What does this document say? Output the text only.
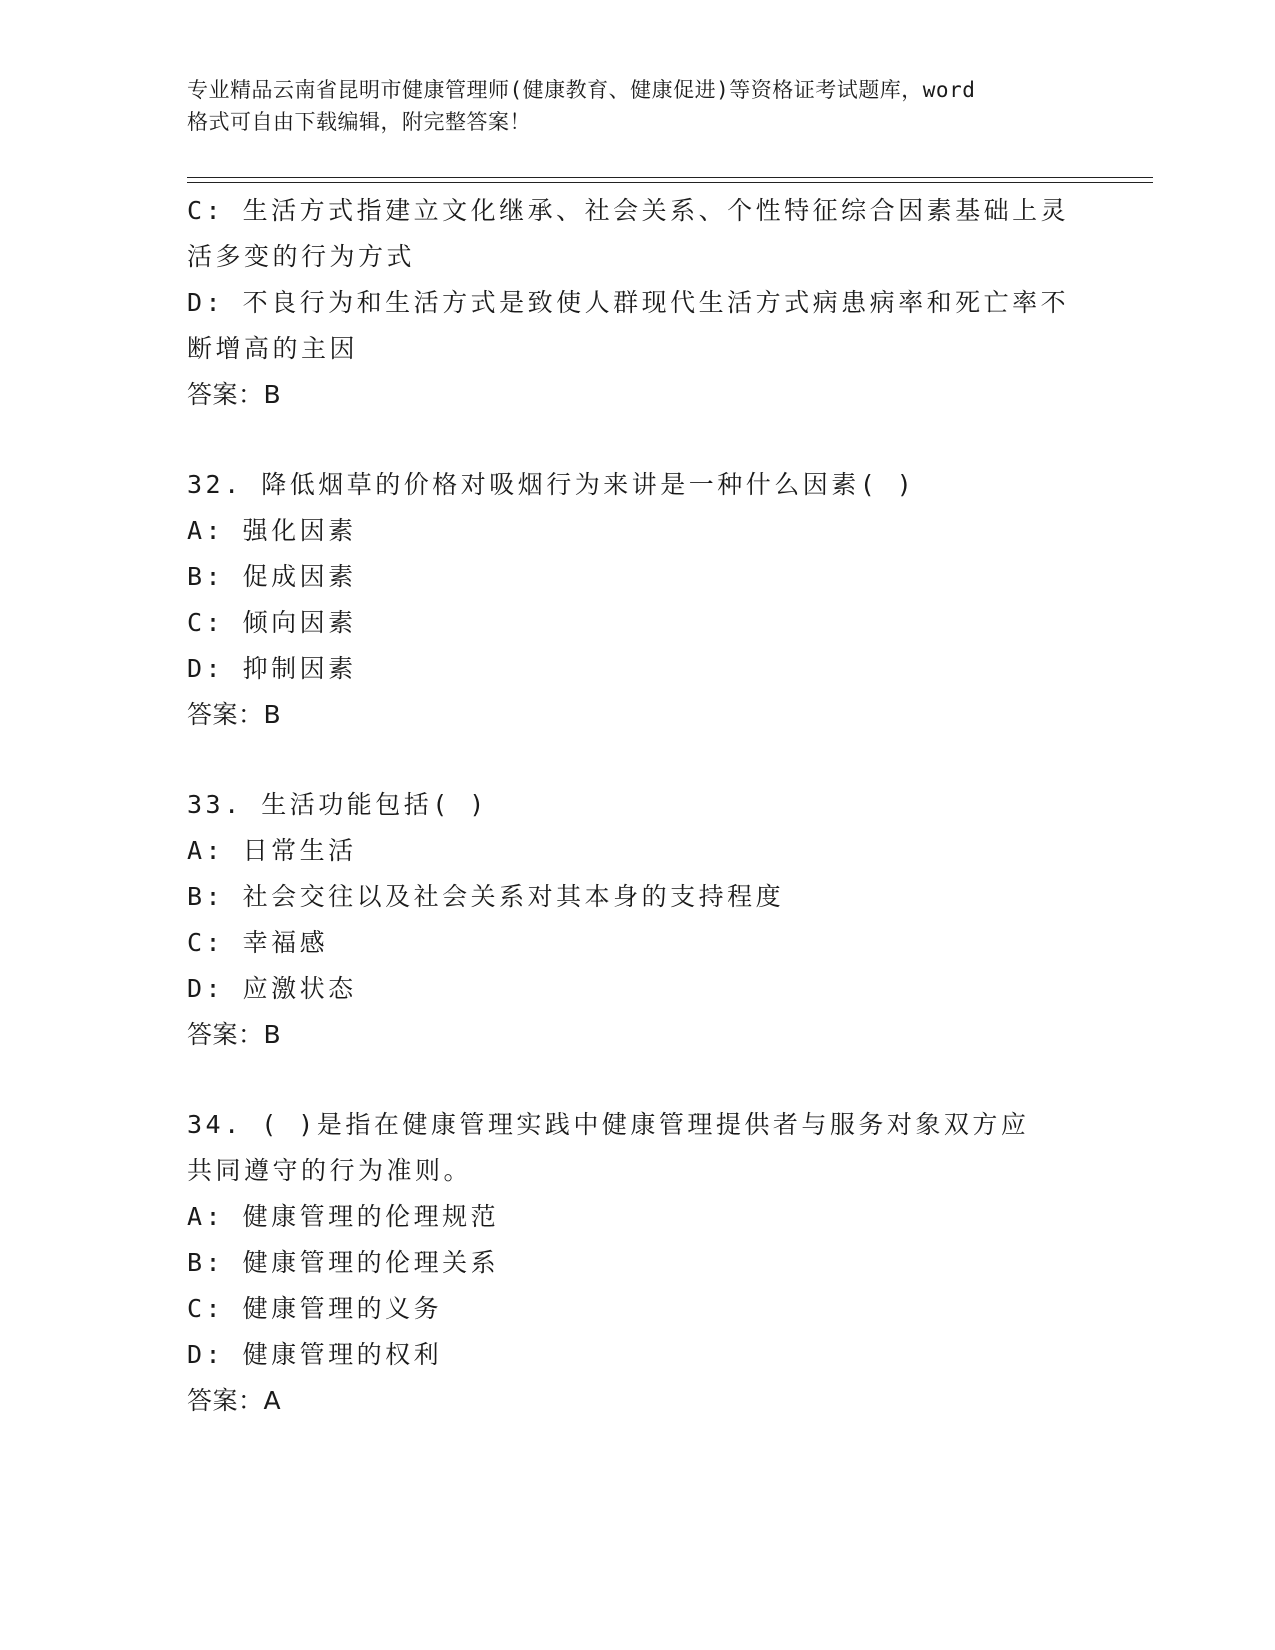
专业精品云南省昆明市健康管理师(健康教育、健康促进)等资格证考试题库，word
格式可自由下载编辑，附完整答案！
C: 生活方式指建立文化继承、社会关系、个性特征综合因素基础上灵
活多变的行为方式
D: 不良行为和生活方式是致使人群现代生活方式病患病率和死亡率不
断增高的主因
答案：B
32. 降低烟草的价格对吸烟行为来讲是一种什么因素( )
A: 强化因素
B: 促成因素
C: 倾向因素
D: 抑制因素
答案：B
33. 生活功能包括( )
A: 日常生活
B: 社会交往以及社会关系对其本身的支持程度
C: 幸福感
D: 应激状态
答案：B
34. ( )是指在健康管理实践中健康管理提供者与服务对象双方应
共同遵守的行为准则。
A: 健康管理的伦理规范
B: 健康管理的伦理关系
C: 健康管理的义务
D: 健康管理的权利
答案：A
